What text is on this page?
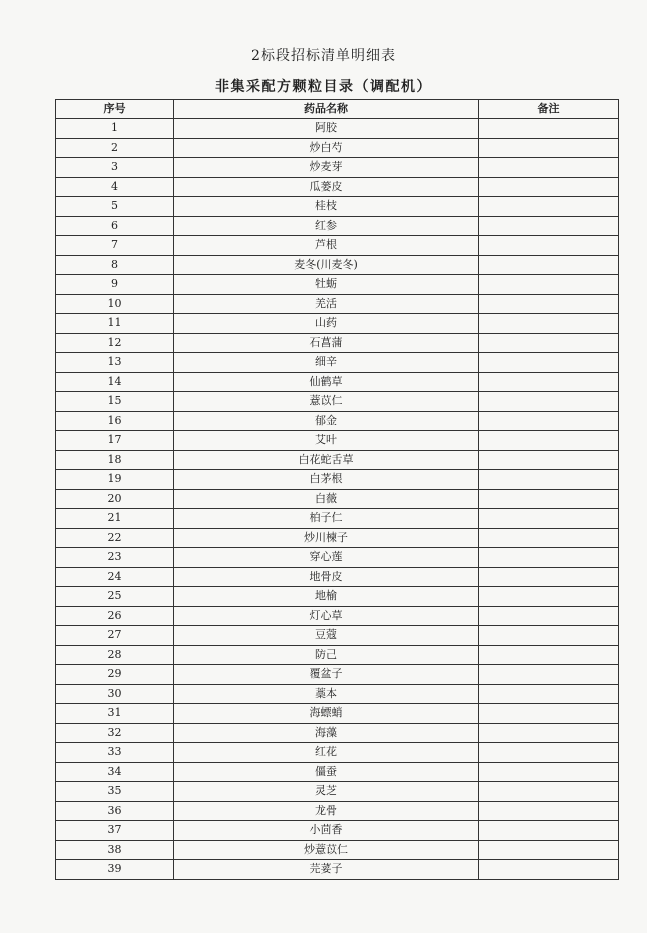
2标段招标清单明细表
非集采配方颗粒目录（调配机）
序号	药品名称	备注
1	阿胶	
2	炒白芍	
3	炒麦芽	
4	瓜蒌皮	
5	桂枝	
6	红参	
7	芦根	
8	麦冬(川麦冬)	
9	牡蛎	
10	羌活	
11	山药	
12	石菖蒲	
13	细辛	
14	仙鹤草	
15	薏苡仁	
16	郁金	
17	艾叶	
18	白花蛇舌草	
19	白茅根	
20	白薇	
21	柏子仁	
22	炒川楝子	
23	穿心莲	
24	地骨皮	
25	地榆	
26	灯心草	
27	豆蔻	
28	防己	
29	覆盆子	
30	藁本	
31	海螵蛸	
32	海藻	
33	红花	
34	僵蚕	
35	灵芝	
36	龙骨	
37	小茴香	
38	炒薏苡仁	
39	芫荽子	
